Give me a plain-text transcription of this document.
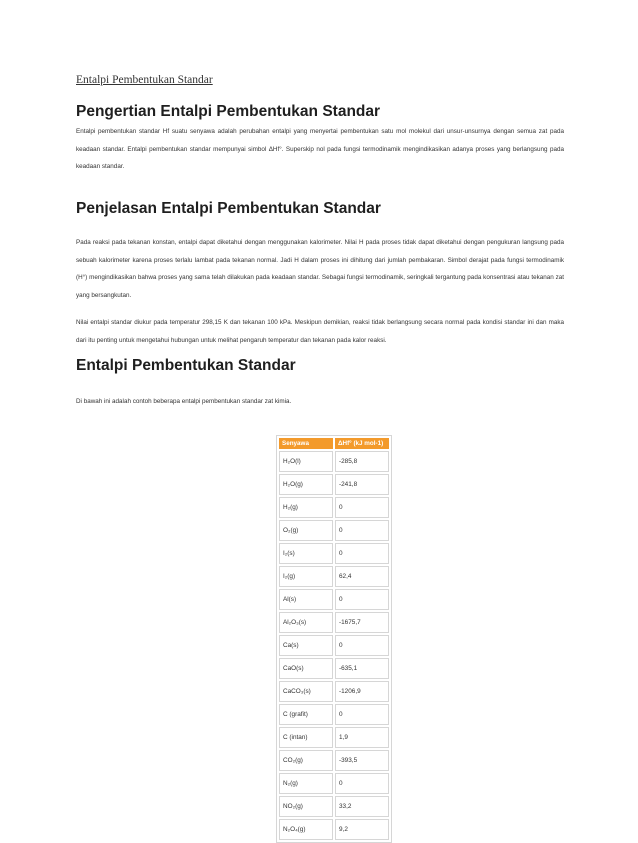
Entalpi Pembentukan Standar
Pengertian Entalpi Pembentukan Standar

Entalpi pembentukan standar Hf suatu senyawa adalah perubahan entalpi yang menyertai pembentukan satu mol molekul dari unsur-unsurnya dengan semua zat pada keadaan standar. Entalpi pembentukan standar mempunyai simbol ΔHf°. Superskip nol pada fungsi termodinamik mengindikasikan adanya proses yang berlangsung pada keadaan standar.

Penjelasan Entalpi Pembentukan Standar

Pada reaksi pada tekanan konstan, entalpi dapat diketahui dengan menggunakan kalorimeter. Nilai H pada proses tidak dapat diketahui dengan pengukuran langsung pada sebuah kalorimeter karena proses terlalu lambat pada tekanan normal. Jadi H dalam proses ini dihitung dari jumlah pembakaran. Simbol derajat pada fungsi termodinamik (H°) mengindikasikan bahwa proses yang sama telah dilakukan pada keadaan standar. Sebagai fungsi termodinamik, seringkali tergantung pada konsentrasi atau tekanan zat yang bersangkutan.

Nilai entalpi standar diukur pada temperatur 298,15 K dan tekanan 100 kPa. Meskipun demikian, reaksi tidak berlangsung secara normal pada kondisi standar ini dan maka dari itu penting untuk mengetahui hubungan untuk melihat pengaruh temperatur dan tekanan pada kalor reaksi.

Entalpi Pembentukan Standar

Di bawah ini adalah contoh beberapa entalpi pembentukan standar zat kimia.

Senyawa	ΔHf° (kJ mol-1)
H₂O(l)	-285,8
H₂O(g)	-241,8
H₂(g)	0
O₂(g)	0
I₂(s)	0
I₂(g)	62,4
Al(s)	0
Al₂O₃(s)	-1675,7
Ca(s)	0
CaO(s)	-635,1
CaCO₃(s)	-1206,9
C (grafit)	0
C (intan)	1,9
CO₂(g)	-393,5
N₂(g)	0
NO₂(g)	33,2
N₂O₄(g)	9,2
